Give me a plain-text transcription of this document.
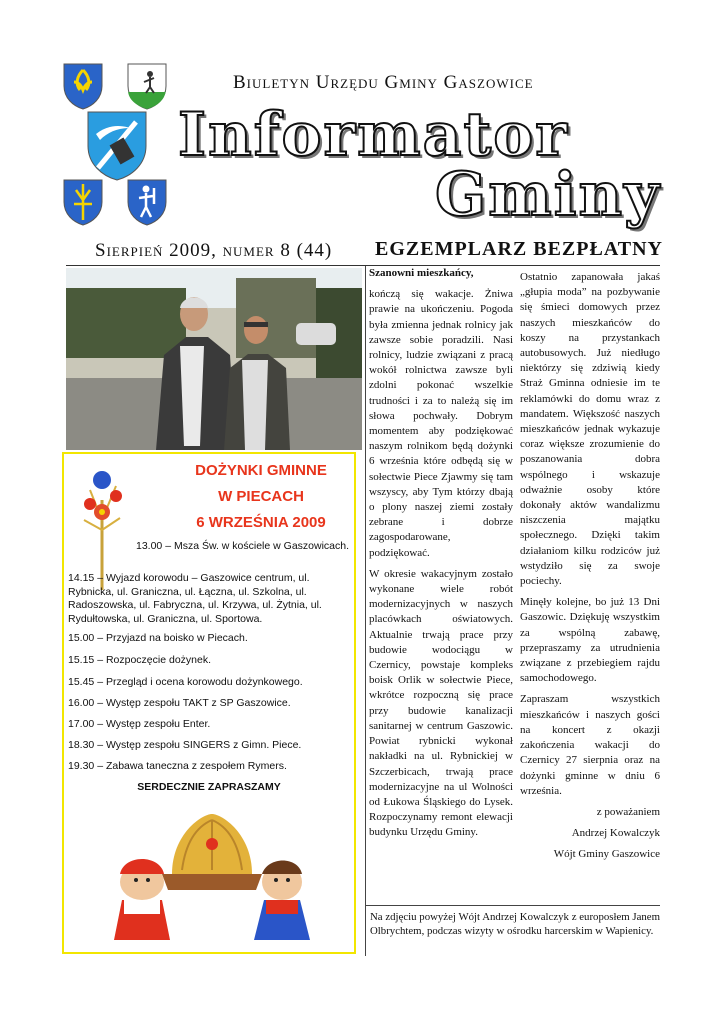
Biuletyn Urzędu Gminy Gaszowice
Informator
Gminy
Sierpień 2009, numer 8 (44) EGZEMPLARZ BEZPŁATNY
DOŻYNKI GMINNE
W PIECACH
6 WRZEŚNIA 2009
13.00 – Msza Św. w kościele w Gaszowicach.
14.15 – Wyjazd korowodu – Gaszowice centrum, ul. Rybnicka, ul. Graniczna, ul. Łączna, ul. Szkolna, ul. Radoszowska, ul. Fabryczna, ul. Krzywa, ul. Żytnia, ul. Rydułtowska, ul. Graniczna, ul. Sportowa.
15.00 – Przyjazd na boisko w Piecach.
15.15 – Rozpoczęcie dożynek.
15.45 – Przegląd i ocena korowodu dożynkowego.
16.00 – Występ zespołu TAKT z SP Gaszowice.
17.00 – Występ zespołu Enter.
18.30 – Występ zespołu SINGERS z Gimn. Piece.
19.30 – Zabawa taneczna z zespołem Rymers.
SERDECZNIE ZAPRASZAMY

Szanowni mieszkańcy,

kończą się wakacje. Żniwa prawie na ukończeniu. Pogoda była zmienna jednak rolnicy jak zawsze sobie poradzili. Nasi rolnicy, ludzie związani z pracą wokół rolnictwa zawsze byli zdolni pokonać wszelkie trudności i za to należą się im słowa pochwały. Dobrym momentem aby podziękować naszym rolnikom będą dożynki 6 września które odbędą się w sołectwie Piece Zjawmy się tam wszyscy, aby Tym którzy dbają o plony naszej ziemi zostały zebrane i dobrze zagospodarowane, podziękować.

W okresie wakacyjnym zostało wykonane wiele robót modernizacyjnych w naszych placówkach oświatowych. Aktualnie trwają prace przy budowie wodociągu w Czernicy, powstaje kompleks boisk Orlik w sołectwie Piece, wkrótce rozpoczną się prace przy budowie kanalizacji sanitarnej w centrum Gaszowic. Powiat rybnicki wykonał nakładki na ul. Rybnickiej w Szczerbicach, trwają prace modernizacyjne na ul Wolności od Łukowa Śląskiego do Lysek. Rozpoczynamy remont elewacji budynku Urzędu Gminy.

Ostatnio zapanowała jakaś „głupia moda” na pozbywanie się śmieci domowych przez naszych mieszkańców do koszy na przystankach autobusowych. Już niedługo niektórzy się zdziwią kiedy Straż Gminna odniesie im te reklamówki do domu wraz z mandatem. Większość naszych mieszkańców jednak wykazuje coraz większe zrozumienie do poszanowania dobra wspólnego i wskazuje odważnie osoby które dokonały aktów wandalizmu niszczenia majątku społecznego. Dzięki takim działaniom kilku rodziców już wstydziło się za swoje pociechy.

Minęły kolejne, bo już 13 Dni Gaszowic. Dziękuję wszystkim za wspólną zabawę, przepraszamy za utrudnienia związane z przebiegiem rajdu samochodowego.

Zapraszam wszystkich mieszkańców i naszych gości na koncert z okazji zakończenia wakacji do Czernicy 27 sierpnia oraz na dożynki gminne w dniu 6 września.

z poważaniem

Andrzej Kowalczyk

Wójt Gminy Gaszowice

Na zdjęciu powyżej Wójt Andrzej Kowalczyk z europosłem Janem Olbrychtem, podczas wizyty w ośrodku harcerskim w Wapienicy.
